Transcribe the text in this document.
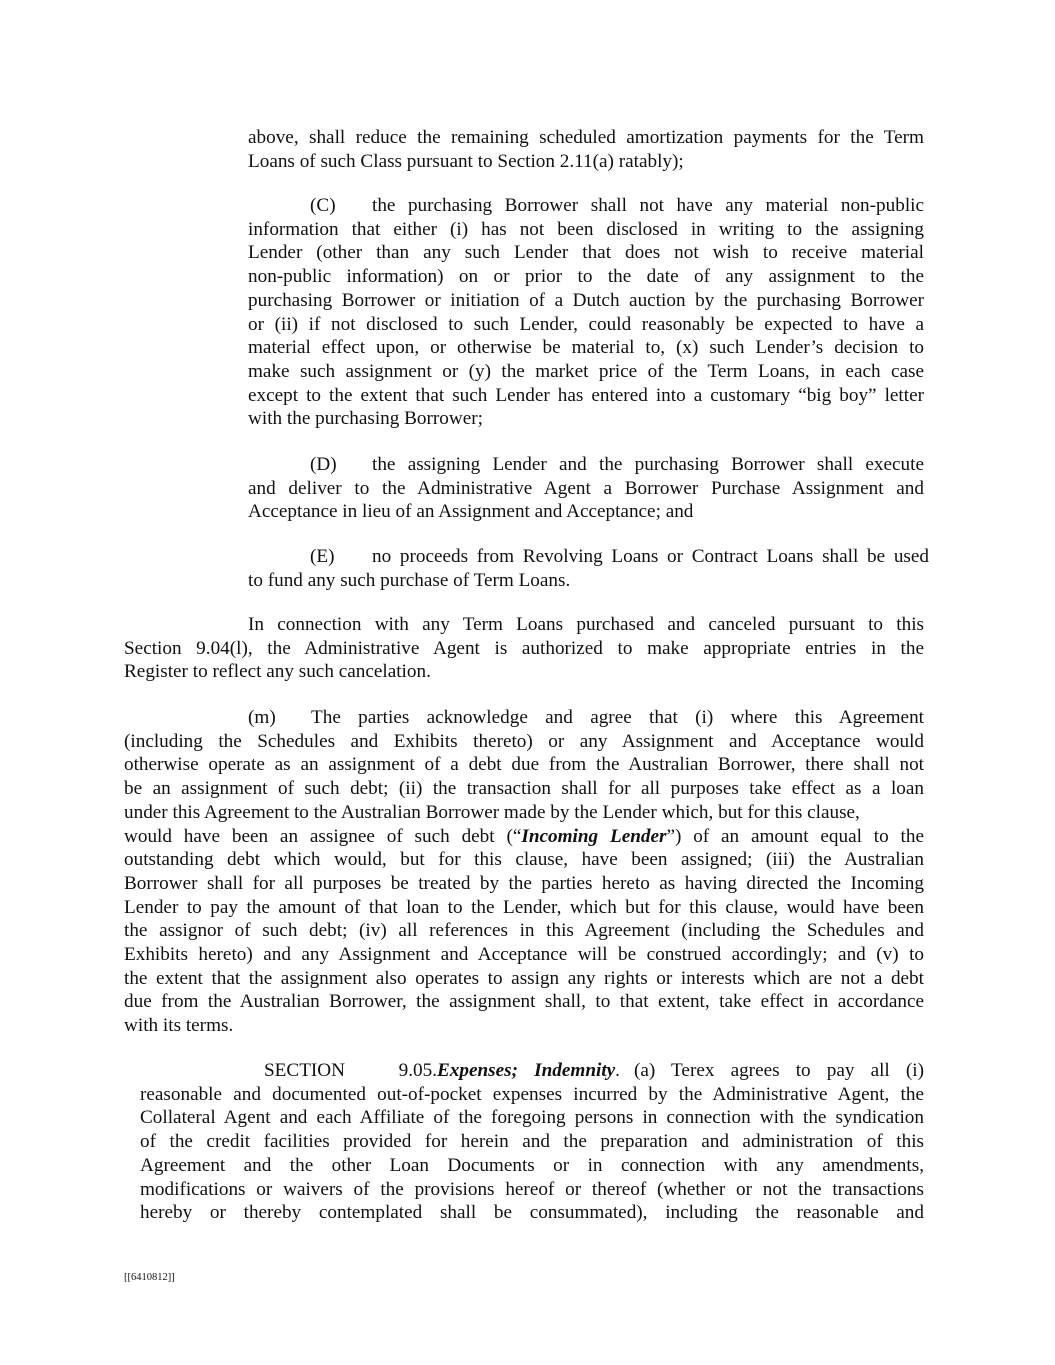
above, shall reduce the remaining scheduled amortization payments for the Term
Loans of such Class pursuant to Section 2.11(a) ratably);
(C) the purchasing Borrower shall not have any material non-public
information that either (i) has not been disclosed in writing to the assigning
Lender (other than any such Lender that does not wish to receive material
non-public information) on or prior to the date of any assignment to the
purchasing Borrower or initiation of a Dutch auction by the purchasing Borrower
or (ii) if not disclosed to such Lender, could reasonably be expected to have a
material effect upon, or otherwise be material to, (x) such Lender’s decision to
make such assignment or (y) the market price of the Term Loans, in each case
except to the extent that such Lender has entered into a customary “big boy” letter
with the purchasing Borrower;
(D) the assigning Lender and the purchasing Borrower shall execute
and deliver to the Administrative Agent a Borrower Purchase Assignment and
Acceptance in lieu of an Assignment and Acceptance; and
(E) no proceeds from Revolving Loans or Contract Loans shall be used
to fund any such purchase of Term Loans.
In connection with any Term Loans purchased and canceled pursuant to this
Section 9.04(l), the Administrative Agent is authorized to make appropriate entries in the
Register to reflect any such cancelation.
(m) The parties acknowledge and agree that (i) where this Agreement
(including the Schedules and Exhibits thereto) or any Assignment and Acceptance would
otherwise operate as an assignment of a debt due from the Australian Borrower, there shall not
be an assignment of such debt; (ii) the transaction shall for all purposes take effect as a loan
under this Agreement to the Australian Borrower made by the Lender which, but for this clause,
would have been an assignee of such debt (“Incoming Lender”) of an amount equal to the
outstanding debt which would, but for this clause, have been assigned; (iii) the Australian
Borrower shall for all purposes be treated by the parties hereto as having directed the Incoming
Lender to pay the amount of that loan to the Lender, which but for this clause, would have been
the assignor of such debt; (iv) all references in this Agreement (including the Schedules and
Exhibits hereto) and any Assignment and Acceptance will be construed accordingly; and (v) to
the extent that the assignment also operates to assign any rights or interests which are not a debt
due from the Australian Borrower, the assignment shall, to that extent, take effect in accordance
with its terms.
SECTION 9.05.Expenses; Indemnity. (a) Terex agrees to pay all (i)
reasonable and documented out-of-pocket expenses incurred by the Administrative Agent, the
Collateral Agent and each Affiliate of the foregoing persons in connection with the syndication
of the credit facilities provided for herein and the preparation and administration of this
Agreement and the other Loan Documents or in connection with any amendments,
modifications or waivers of the provisions hereof or thereof (whether or not the transactions
hereby or thereby contemplated shall be consummated), including the reasonable and
[[6410812]]
